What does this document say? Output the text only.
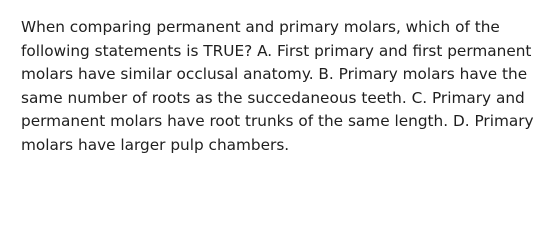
When comparing permanent and primary molars, which of the following statements is TRUE? A. First primary and first permanent molars have similar occlusal anatomy. B. Primary molars have the same number of roots as the succedaneous teeth. C. Primary and permanent molars have root trunks of the same length. D. Primary molars have larger pulp chambers.
